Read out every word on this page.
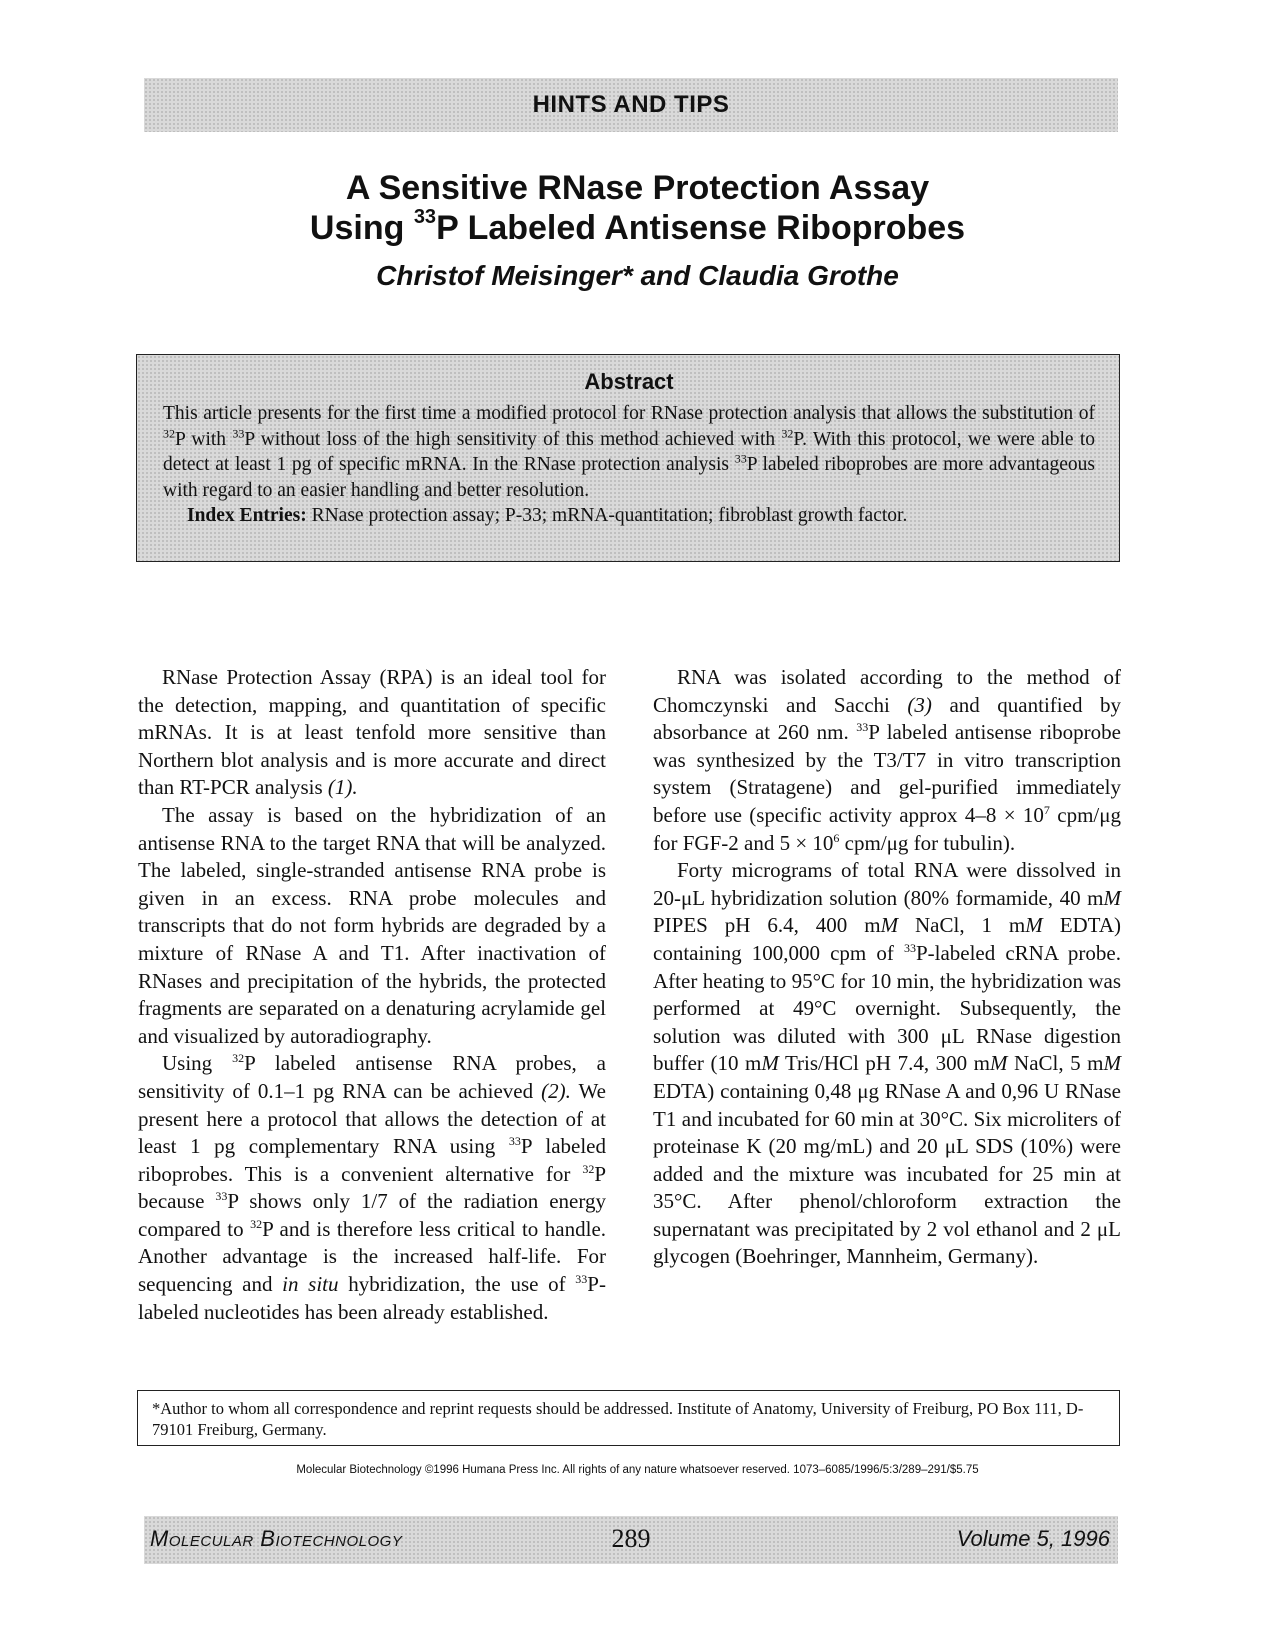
HINTS AND TIPS
A Sensitive RNase Protection Assay
Using $^{33}$P Labeled Antisense Riboprobes
Christof Meisinger* and Claudia Grothe
Abstract

This article presents for the first time a modified protocol for RNase protection analysis that allows the substitution of $^{32}$P with $^{33}$P without loss of the high sensitivity of this method achieved with $^{32}$P. With this protocol, we were able to detect at least 1 pg of specific mRNA. In the RNase protection analysis $^{33}$P labeled riboprobes are more advantageous with regard to an easier handling and better resolution.

Index Entries: RNase protection assay; P-33; mRNA-quantitation; fibroblast growth factor.

RNase Protection Assay (RPA) is an ideal tool for the detection, mapping, and quantitation of specific mRNAs. It is at least tenfold more sensitive than Northern blot analysis and is more accurate and direct than RT-PCR analysis (1).

The assay is based on the hybridization of an antisense RNA to the target RNA that will be analyzed. The labeled, single-stranded antisense RNA probe is given in an excess. RNA probe molecules and transcripts that do not form hybrids are degraded by a mixture of RNase A and T1. After inactivation of RNases and precipitation of the hybrids, the protected fragments are separated on a denaturing acrylamide gel and visualized by autoradiography.

Using $^{32}$P labeled antisense RNA probes, a sensitivity of 0.1–1 pg RNA can be achieved (2). We present here a protocol that allows the detection of at least 1 pg complementary RNA using $^{33}$P labeled riboprobes. This is a convenient alternative for $^{32}$P because $^{33}$P shows only 1/7 of the radiation energy compared to $^{32}$P and is therefore less critical to handle. Another advantage is the increased half-life. For sequencing and in situ hybridization, the use of $^{33}$P-labeled nucleotides has been already established.

RNA was isolated according to the method of Chomczynski and Sacchi (3) and quantified by absorbance at 260 nm. $^{33}$P labeled antisense riboprobe was synthesized by the T3/T7 in vitro transcription system (Stratagene) and gel-purified immediately before use (specific activity approx $4-8 \times 10^7$ cpm/μg for FGF-2 and $5 \times 10^6$ cpm/μg for tubulin).

Forty micrograms of total RNA were dissolved in 20-μL hybridization solution (80% formamide, 40 mM PIPES pH 6.4, 400 mM NaCl, 1 mM EDTA) containing 100,000 cpm of $^{33}$P-labeled cRNA probe. After heating to 95°C for 10 min, the hybridization was performed at 49°C overnight. Subsequently, the solution was diluted with 300 μL RNase digestion buffer (10 mM Tris/HCl pH 7.4, 300 mM NaCl, 5 mM EDTA) containing 0,48 μg RNase A and 0,96 U RNase T1 and incubated for 60 min at 30°C. Six microliters of proteinase K (20 mg/mL) and 20 μL SDS (10%) were added and the mixture was incubated for 25 min at 35°C. After phenol/chloroform extraction the supernatant was precipitated by 2 vol ethanol and 2 μL glycogen (Boehringer, Mannheim, Germany).

*Author to whom all correspondence and reprint requests should be addressed. Institute of Anatomy, University of Freiburg, PO Box 111, D-79101 Freiburg, Germany.
Molecular Biotechnology ©1996 Humana Press Inc. All rights of any nature whatsoever reserved. 1073–6085/1996/5:3/289–291/$5.75
Molecular Biotechnology	289	Volume 5, 1996
